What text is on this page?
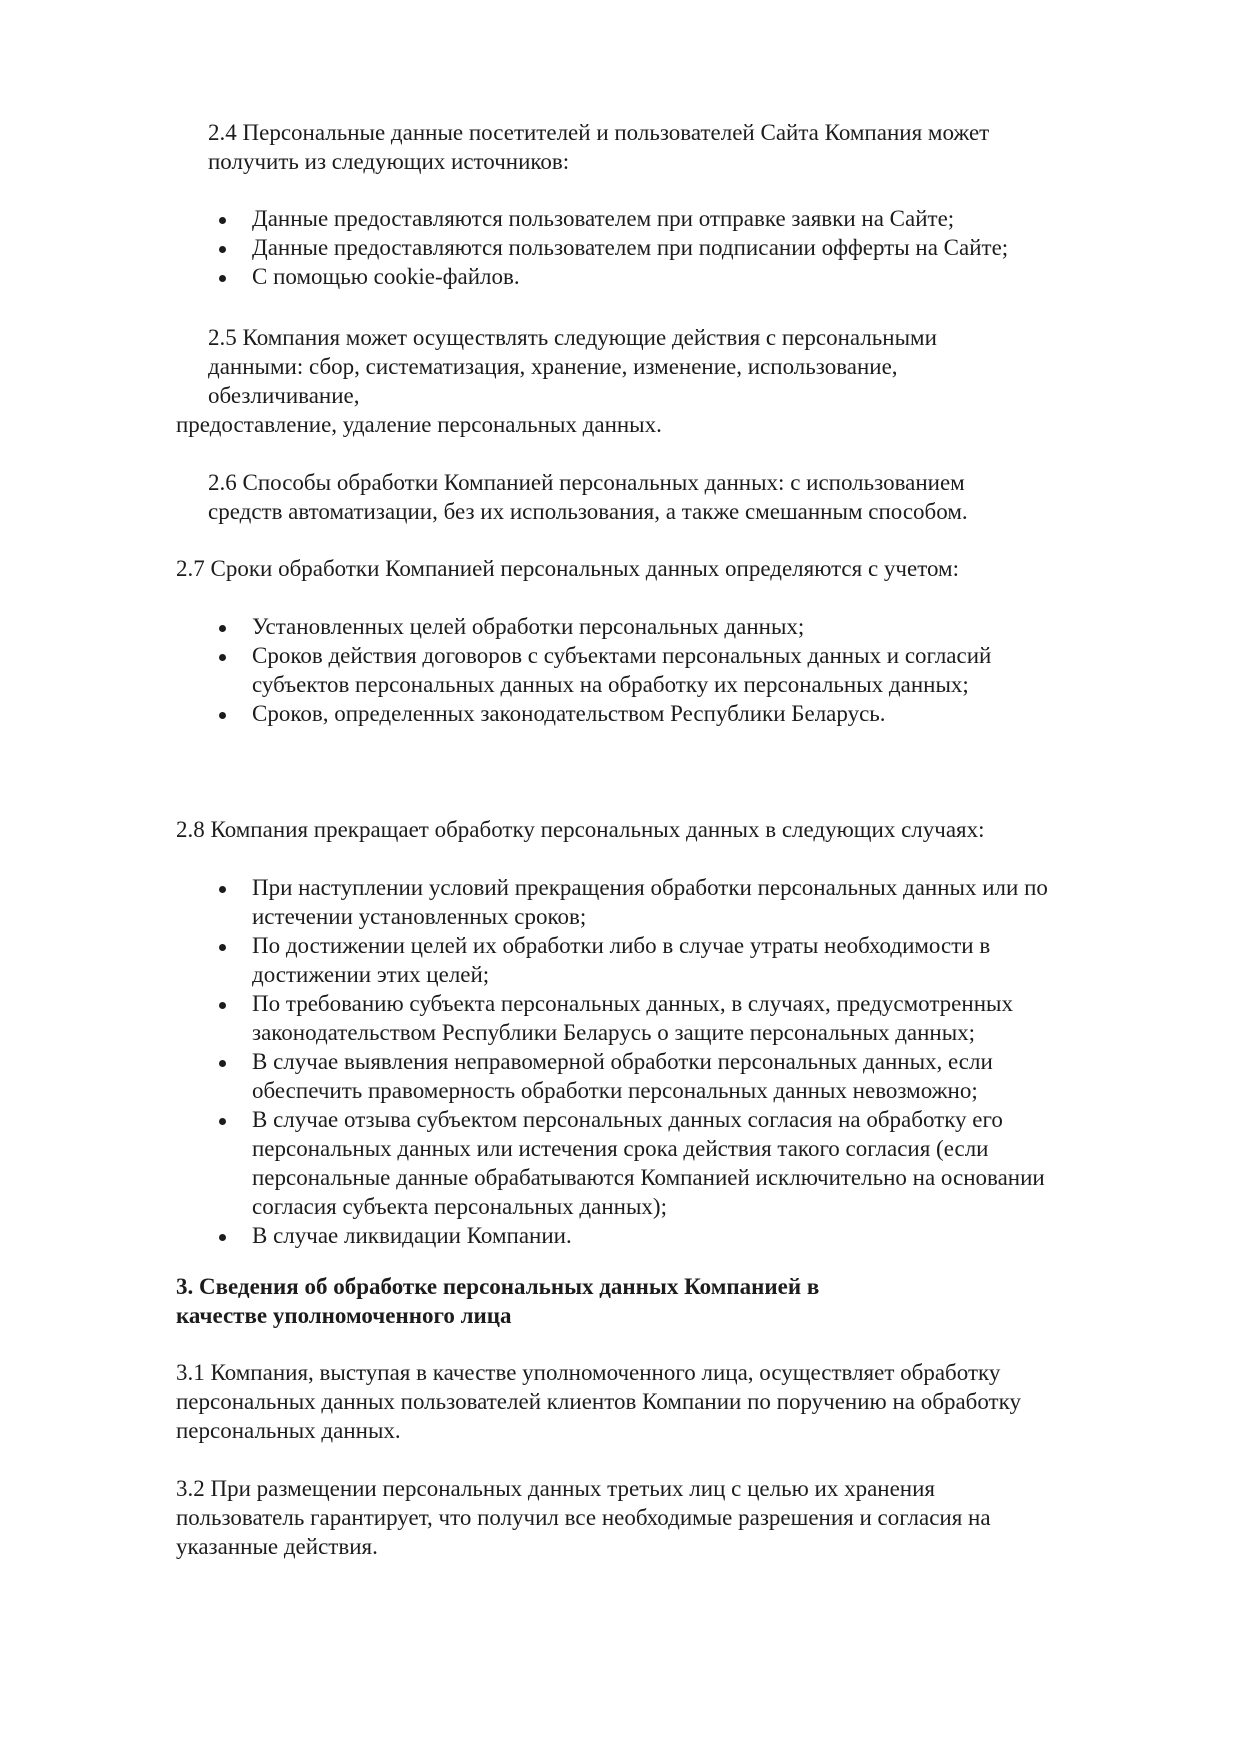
2.4 Персональные данные посетителей и пользователей Сайта Компания может
получить из следующих источников:
Данные предоставляются пользователем при отправке заявки на Сайте;
Данные предоставляются пользователем при подписании офферты на Сайте;
С помощью cookie-файлов.
2.5 Компания может осуществлять следующие действия с персональными
данными: сбор, систематизация, хранение, изменение, использование,
обезличивание,
предоставление, удаление персональных данных.
2.6 Способы обработки Компанией персональных данных: с использованием
средств автоматизации, без их использования, а также смешанным способом.
2.7 Сроки обработки Компанией персональных данных определяются с учетом:
Установленных целей обработки персональных данных;
Сроков действия договоров с субъектами персональных данных и согласий
субъектов персональных данных на обработку их персональных данных;
Сроков, определенных законодательством Республики Беларусь.
2.8 Компания прекращает обработку персональных данных в следующих случаях:
При наступлении условий прекращения обработки персональных данных или по
истечении установленных сроков;
По достижении целей их обработки либо в случае утраты необходимости в
достижении этих целей;
По требованию субъекта персональных данных, в случаях, предусмотренных
законодательством Республики Беларусь о защите персональных данных;
В случае выявления неправомерной обработки персональных данных, если
обеспечить правомерность обработки персональных данных невозможно;
В случае отзыва субъектом персональных данных согласия на обработку его
персональных данных или истечения срока действия такого согласия (если
персональные данные обрабатываются Компанией исключительно на основании
согласия субъекта персональных данных);
В случае ликвидации Компании.
3. Сведения об обработке персональных данных Компанией в
качестве уполномоченного лица
3.1 Компания, выступая в качестве уполномоченного лица, осуществляет обработку
персональных данных пользователей клиентов Компании по поручению на обработку
персональных данных.
3.2 При размещении персональных данных третьих лиц с целью их хранения
пользователь гарантирует, что получил все необходимые разрешения и согласия на
указанные действия.
